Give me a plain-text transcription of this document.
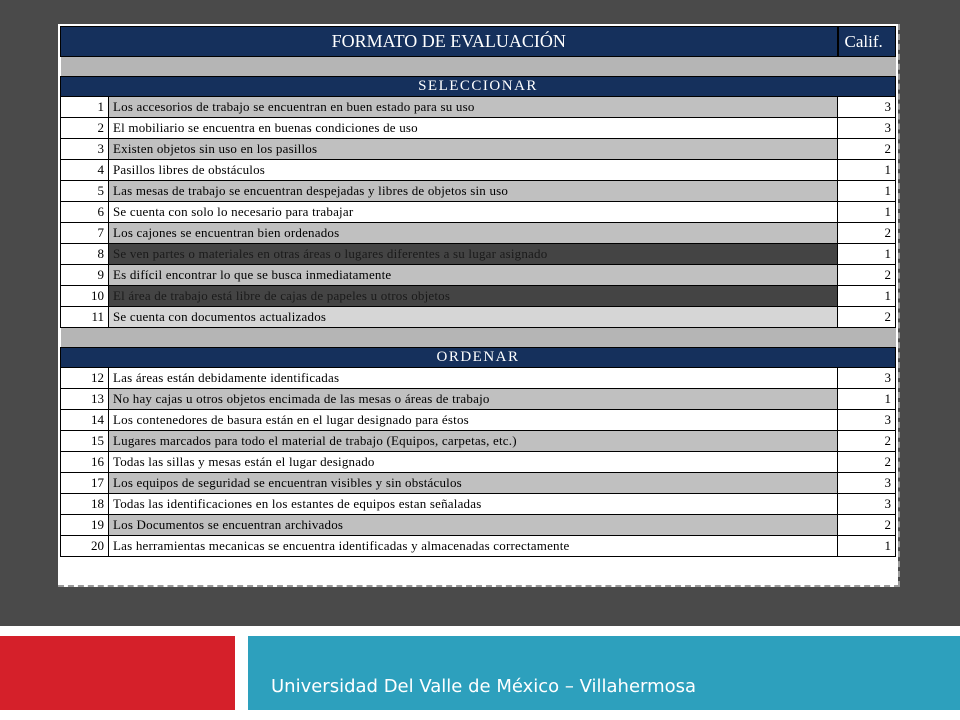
FORMATO DE EVALUACIÓN		Calif.

SELECCIONAR		
1	Los accesorios de trabajo se encuentran en buen estado para su uso	3
2	El mobiliario se encuentra en buenas condiciones de uso	3
3	Existen objetos sin uso en los pasillos	2
4	Pasillos libres de obstáculos	1
5	Las mesas de trabajo se encuentran despejadas y libres de objetos sin uso	1
6	Se cuenta con solo lo necesario para trabajar	1
7	Los cajones se encuentran bien ordenados	2
8	Se ven partes o materiales en otras áreas o lugares diferentes a su lugar asignado	1
9	Es difícil encontrar lo que se busca inmediatamente	2
10	El área de trabajo está libre de cajas de papeles u otros objetos	1
11	Se cuenta con documentos actualizados	2

ORDENAR		
12	Las áreas están debidamente identificadas	3
13	No hay cajas u otros objetos encimada de las mesas o áreas de trabajo	1
14	Los contenedores de basura están en el lugar designado para éstos	3
15	Lugares marcados para todo el material de trabajo (Equipos, carpetas, etc.)	2
16	Todas las sillas y mesas están el lugar designado	2
17	Los equipos de seguridad se encuentran visibles y sin obstáculos	3
18	Todas las identificaciones en los estantes de equipos estan señaladas	3
19	Los Documentos se encuentran archivados	2
20	Las herramientas mecanicas se encuentra identificadas y almacenadas correctamente	1
Universidad Del Valle de México – Villahermosa
